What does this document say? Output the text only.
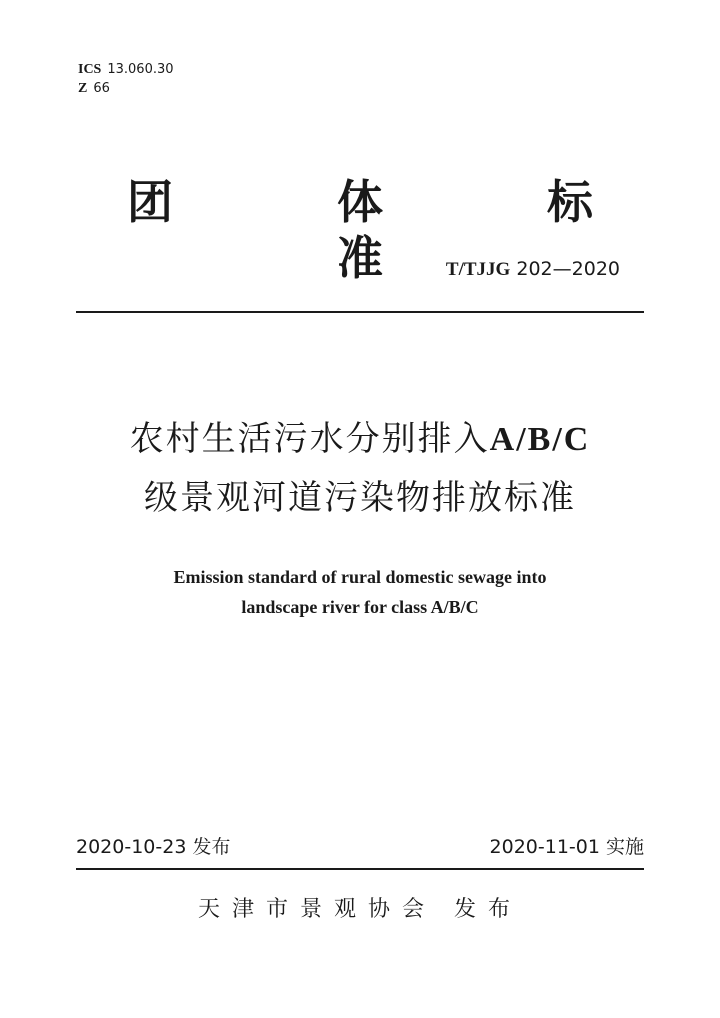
ICS 13.060.30
Z 66
团 体 标 准
T/TJJG 202—2020
农村生活污水分别排入A/B/C
级景观河道污染物排放标准
Emission standard of rural domestic sewage into
landscape river for class A/B/C
2020-10-23 发布	2020-11-01 实施
天津市景观协会 发布
